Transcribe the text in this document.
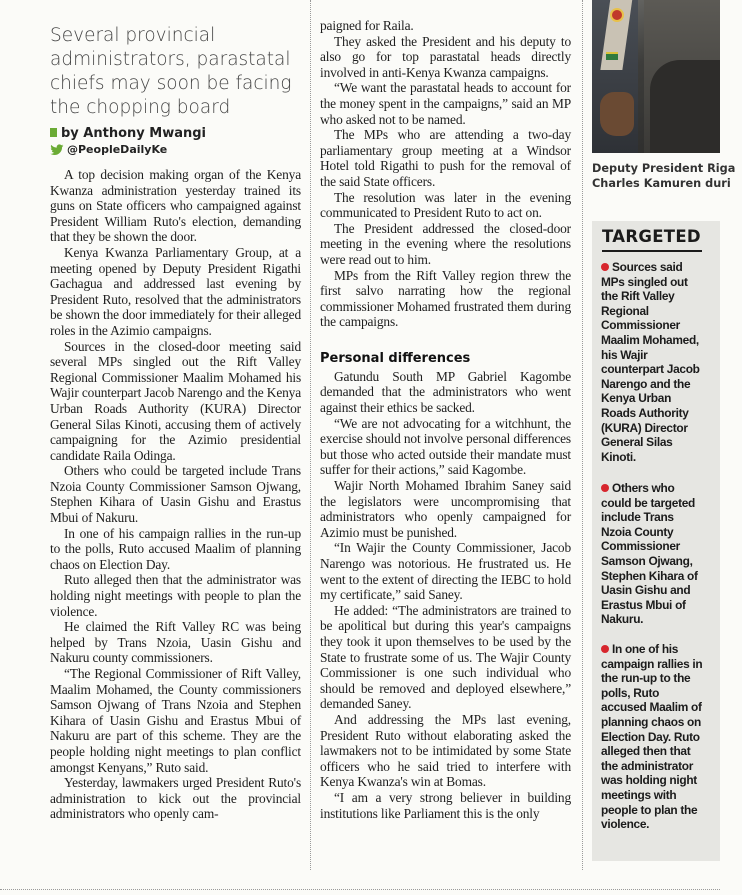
Several provincial administrators, parastatal chiefs may soon be facing the chopping board
by Anthony Mwangi
@PeopleDailyKe

A top decision making organ of the Kenya Kwanza administration yesterday trained its guns on State officers who campaigned against President William Ruto's election, demanding that they be shown the door.

Kenya Kwanza Parliamentary Group, at a meeting opened by Deputy President Rigathi Gachagua and addressed last evening by President Ruto, resolved that the administrators be shown the door immediately for their alleged roles in the Azimio campaigns.

Sources in the closed-door meeting said several MPs singled out the Rift Valley Regional Commissioner Maalim Mohamed his Wajir counterpart Jacob Narengo and the Kenya Urban Roads Authority (KURA) Director General Silas Kinoti, accusing them of actively campaigning for the Azimio presidential candidate Raila Odinga.

Others who could be targeted include Trans Nzoia County Commissioner Samson Ojwang, Stephen Kihara of Uasin Gishu and Erastus Mbui of Nakuru.

In one of his campaign rallies in the run-up to the polls, Ruto accused Maalim of planning chaos on Election Day.

Ruto alleged then that the administrator was holding night meetings with people to plan the violence.

He claimed the Rift Valley RC was being helped by Trans Nzoia, Uasin Gishu and Nakuru county commissioners.

“The Regional Commissioner of Rift Valley, Maalim Mohamed, the County commissioners Samson Ojwang of Trans Nzoia and Stephen Kihara of Uasin Gishu and Erastus Mbui of Nakuru are part of this scheme. They are the people holding night meetings to plan conflict amongst Kenyans,” Ruto said.

Yesterday, lawmakers urged President Ruto's administration to kick out the provincial administrators who openly cam-

paigned for Raila.

They asked the President and his deputy to also go for top parastatal heads directly involved in anti-Kenya Kwanza campaigns.

“We want the parastatal heads to account for the money spent in the campaigns,” said an MP who asked not to be named.

The MPs who are attending a two-day parliamentary group meeting at a Windsor Hotel told Rigathi to push for the removal of the said State officers.

The resolution was later in the evening communicated to President Ruto to act on.

The President addressed the closed-door meeting in the evening where the resolutions were read out to him.

MPs from the Rift Valley region threw the first salvo narrating how the regional commissioner Mohamed frustrated them during the campaigns.

Personal differences

Gatundu South MP Gabriel Kagombe demanded that the administrators who went against their ethics be sacked.

“We are not advocating for a witchhunt, the exercise should not involve personal differences but those who acted outside their mandate must suffer for their actions,” said Kagombe.

Wajir North Mohamed Ibrahim Saney said the legislators were uncompromising that administrators who openly campaigned for Azimio must be punished.

“In Wajir the County Commissioner, Jacob Narengo was notorious. He frustrated us. He went to the extent of directing the IEBC to hold my certificate,” said Saney.

He added: “The administrators are trained to be apolitical but during this year's campaigns they took it upon themselves to be used by the State to frustrate some of us. The Wajir County Commissioner is one such individual who should be removed and deployed elsewhere,” demanded Saney.

And addressing the MPs last evening, President Ruto without elaborating asked the lawmakers not to be intimidated by some State officers who he said tried to interfere with Kenya Kwanza's win at Bomas.

“I am a very strong believer in building institutions like Parliament this is the only

Deputy President Riga
Charles Kamuren duri
TARGETED
Sources said MPs singled out the Rift Valley Regional Commissioner Maalim Mohamed, his Wajir counterpart Jacob Narengo and the Kenya Urban Roads Authority (KURA) Director General Silas Kinoti.
Others who could be targeted include Trans Nzoia County Commissioner Samson Ojwang, Stephen Kihara of Uasin Gishu and Erastus Mbui of Nakuru.
In one of his campaign rallies in the run-up to the polls, Ruto accused Maalim of planning chaos on Election Day. Ruto alleged then that the administrator was holding night meetings with people to plan the violence.
